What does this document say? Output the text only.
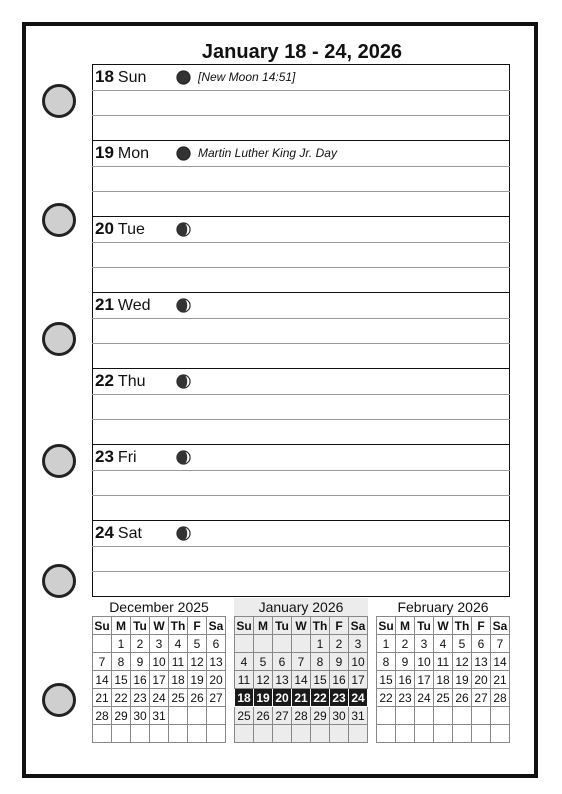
January 18 - 24, 2026
18 Sun	[New Moon 14:51]
19 Mon	Martin Luther King Jr. Day
20 Tue
21 Wed
22 Thu
23 Fri
24 Sat
December 2025
Su	M	Tu	W	Th	F	Sa
	1	2	3	4	5	6
7	8	9	10	11	12	13
14	15	16	17	18	19	20
21	22	23	24	25	26	27
28	29	30	31			

January 2026
Su	M	Tu	W	Th	F	Sa
				1	2	3
4	5	6	7	8	9	10
11	12	13	14	15	16	17
18	19	20	21	22	23	24
25	26	27	28	29	30	31

February 2026
Su	M	Tu	W	Th	F	Sa
1	2	3	4	5	6	7
8	9	10	11	12	13	14
15	16	17	18	19	20	21
22	23	24	25	26	27	28
